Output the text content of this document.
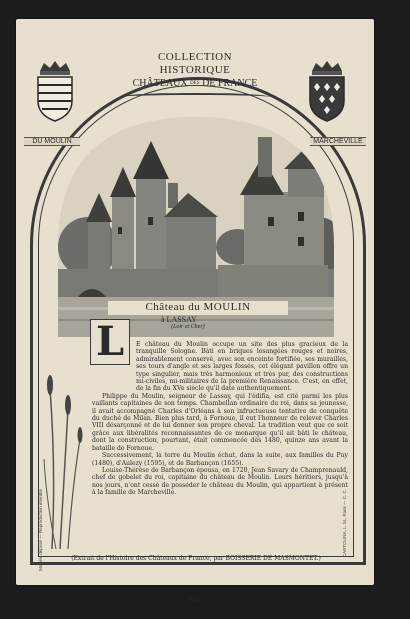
DU MOULIN	MARCHEVILLE
COLLECTION HISTORIQUE
CHÂTEAUX DES DE FRANCE
Château du MOULIN
à LASSAY
(Loir et Cher)
L	E château du Moulin occupe un site des plus gracieux de la tranquille Sologne. Bâti en briques losangées rouges et noires, admirablement conservé, avec son enceinte fortifiée, ses murailles, ses tours d'angle et ses larges fossés, cet élégant pavillon offre un type singulier, mais très harmonieux et très pur, des constructions mi-civiles, mi-militaires de la première Renaissance. C'est, en effet, de la fin du XVe siècle qu'il date authentiquement.

Philippe du Moulin, seigneur de Lassay, qui l'édifia, est cité parmi les plus vaillants capitaines de son temps. Chambellan ordinaire du roi, dans sa jeunesse, il avait accompagné Charles d'Orléans à son infructueuse tentative de conquête du duché de Milan. Bien plus tard, à Fornoue, il eut l'honneur de relever Charles VIII désarçonné et de lui donner son propre cheval. La tradition veut que ce soit grâce aux libéralités reconnaissantes de ce monarque qu'il ait bâti le château, dont la construction, pourtant, était commencée dès 1480, quinze ans avant la bataille de Fornoue.

Successivement, la terre du Moulin échut, dans la suite, aux familles du Puy (1480), d'Aulezy (1595), et de Barbançon (1655).

Louise-Thérèse de Barbançon épousa, en 1720, Jean Savary de Champrenauld, chef de gobelet du roi, capitaine du château de Moulin. Leurs héritiers, jusqu'à nos jours, n'ont cessé de posséder le château du Moulin, qui appartient à présent à la famille de Marcheville.

Modèle déposé — Reproduction interdite	CARTOLINA, L. M., Paris — C. C.
(Extrait de l'Histoire des Châteaux de France, par BOISSERIE DE MASMONTET.)
(98)
